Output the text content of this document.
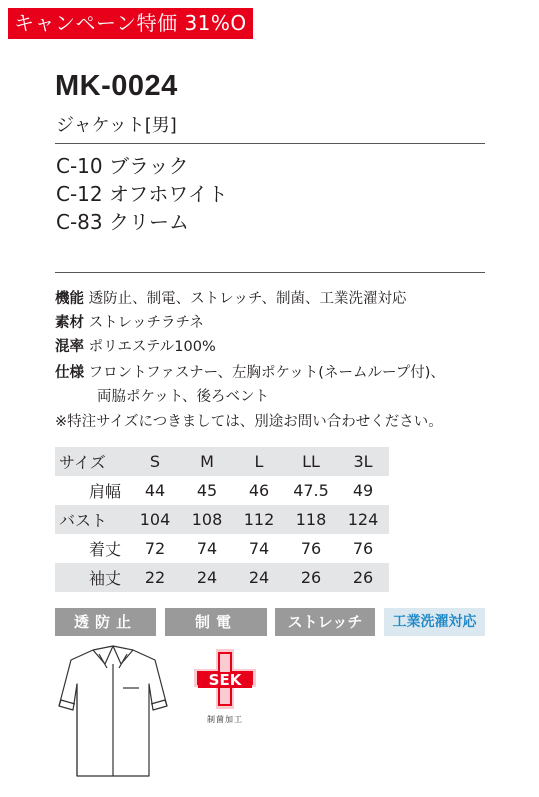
キャンペーン特価 31%O
MK-0024
ジャケット[男]
C-10 ブラック
C-12 オフホワイト
C-83 クリーム
機能 透防止、制電、ストレッチ、制菌、工業洗濯対応
素材 ストレッチラチネ
混率 ポリエステル100%
仕様 フロントファスナー、左胸ポケット(ネームループ付)、
両脇ポケット、後ろベント
※特注サイズにつきましては、別途お問い合わせください。
サイズ	S	M	L	LL	3L
肩幅	44	45	46	47.5	49
バスト	104	108	112	118	124
着丈	72	74	74	76	76
袖丈	22	24	24	26	26
透防止	制電	ストレッチ	工業洗濯対応
SEK
制菌加工
